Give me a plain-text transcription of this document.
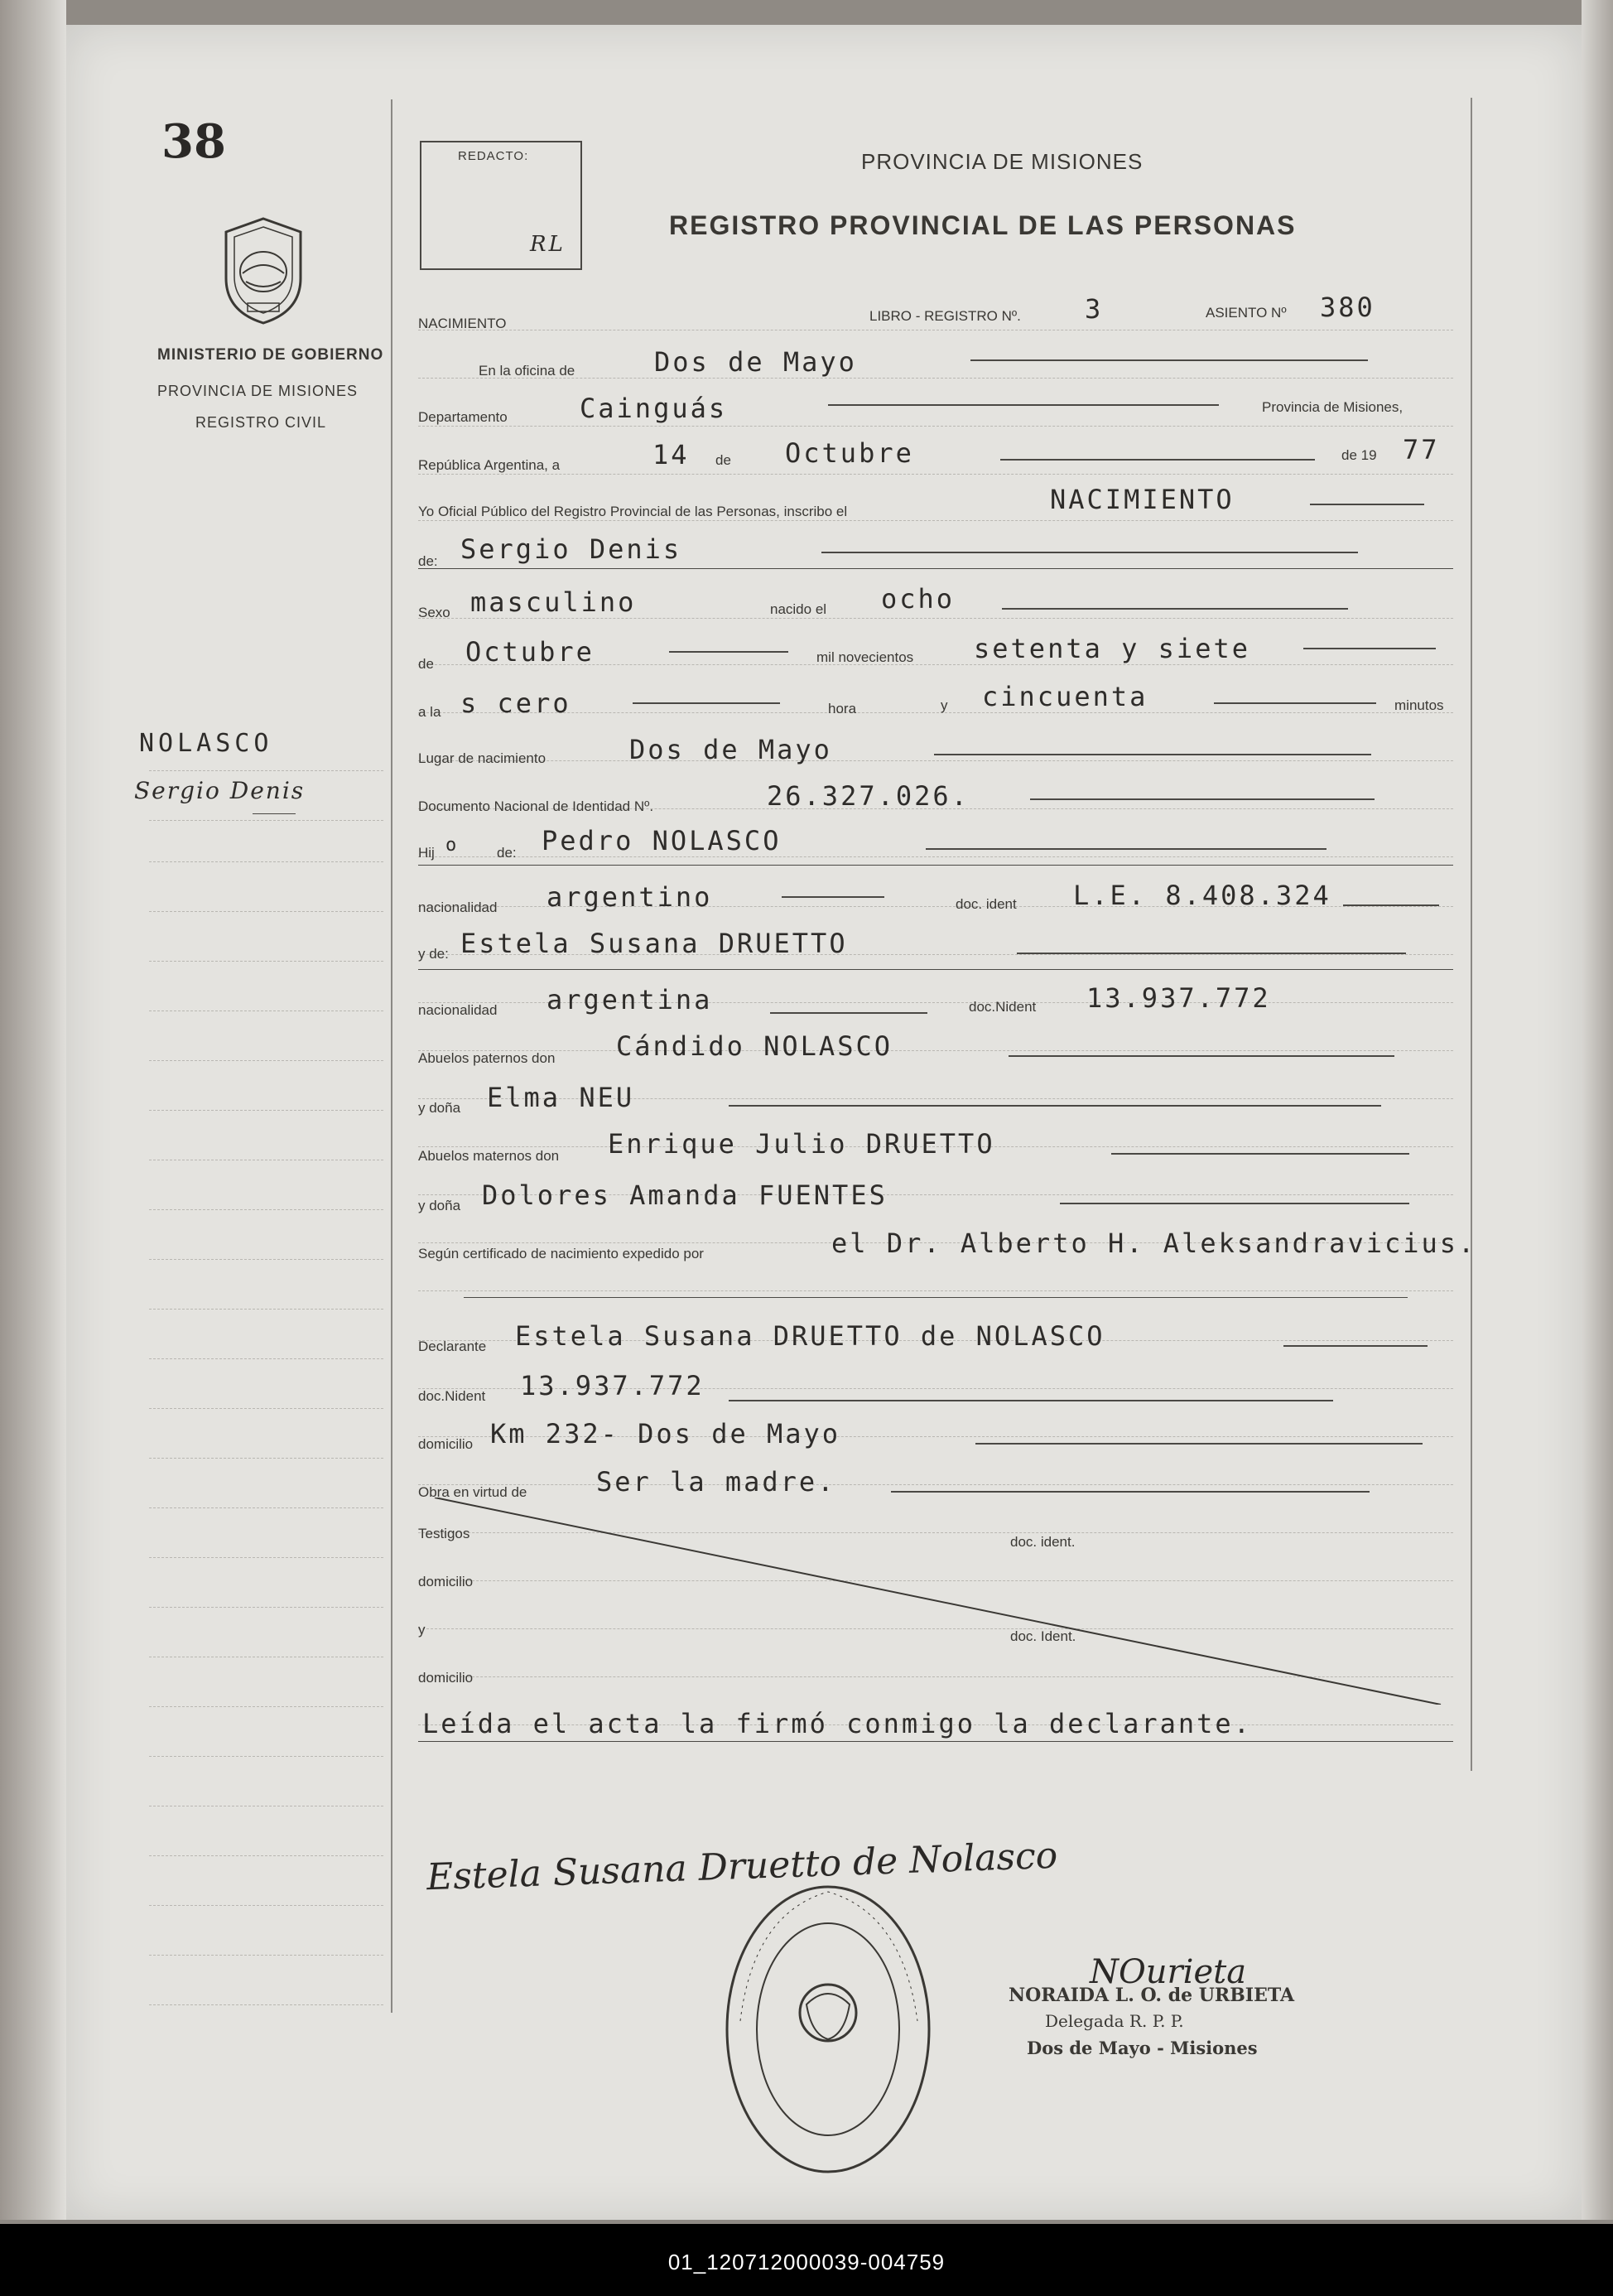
38
MINISTERIO DE GOBIERNO
PROVINCIA DE MISIONES
REGISTRO CIVIL
NOLASCO
Sergio Denis
REDACTO:
RL
PROVINCIA DE MISIONES
REGISTRO PROVINCIAL DE LAS PERSONAS
NACIMIENTO	LIBRO - REGISTRO Nº. 3	ASIENTO Nº 380
En la oficina de	Dos de Mayo
Departamento	Cainguás	Provincia de Misiones,
República Argentina, a	14 de Octubre	de 19 77
Yo Oficial Público del Registro Provincial de las Personas, inscribo el	NACIMIENTO
de: Sergio Denis
Sexo masculino	nacido el ocho
de Octubre	mil novecientos setenta y siete
a la s cero	hora	y cincuenta	minutos
Lugar de nacimiento	Dos de Mayo
Documento Nacional de Identidad Nº.	26.327.026.
Hij o	de: Pedro NOLASCO
nacionalidad argentino	doc. ident L.E. 8.408.324
y de: Estela Susana DRUETTO
nacionalidad argentina	doc.Nident 13.937.772
Abuelos paternos don Cándido NOLASCO
y doña Elma NEU
Abuelos maternos don Enrique Julio DRUETTO
y doña Dolores Amanda FUENTES
Según certificado de nacimiento expedido por	el Dr. Alberto H. Aleksandravicius.
Declarante Estela Susana DRUETTO de NOLASCO
doc.Nident 13.937.772
domicilio Km 232- Dos de Mayo
Obra en virtud de	Ser la madre.
Testigos
doc. ident.
domicilio
y	doc. Ident.
domicilio
Leída el acta la firmó conmigo la declarante.
Estela Susana Druetto de Nolasco
NOurieta
NORAIDA L. O. de URBIETA
Delegada R. P. P.
Dos de Mayo - Misiones
01_120712000039-004759
